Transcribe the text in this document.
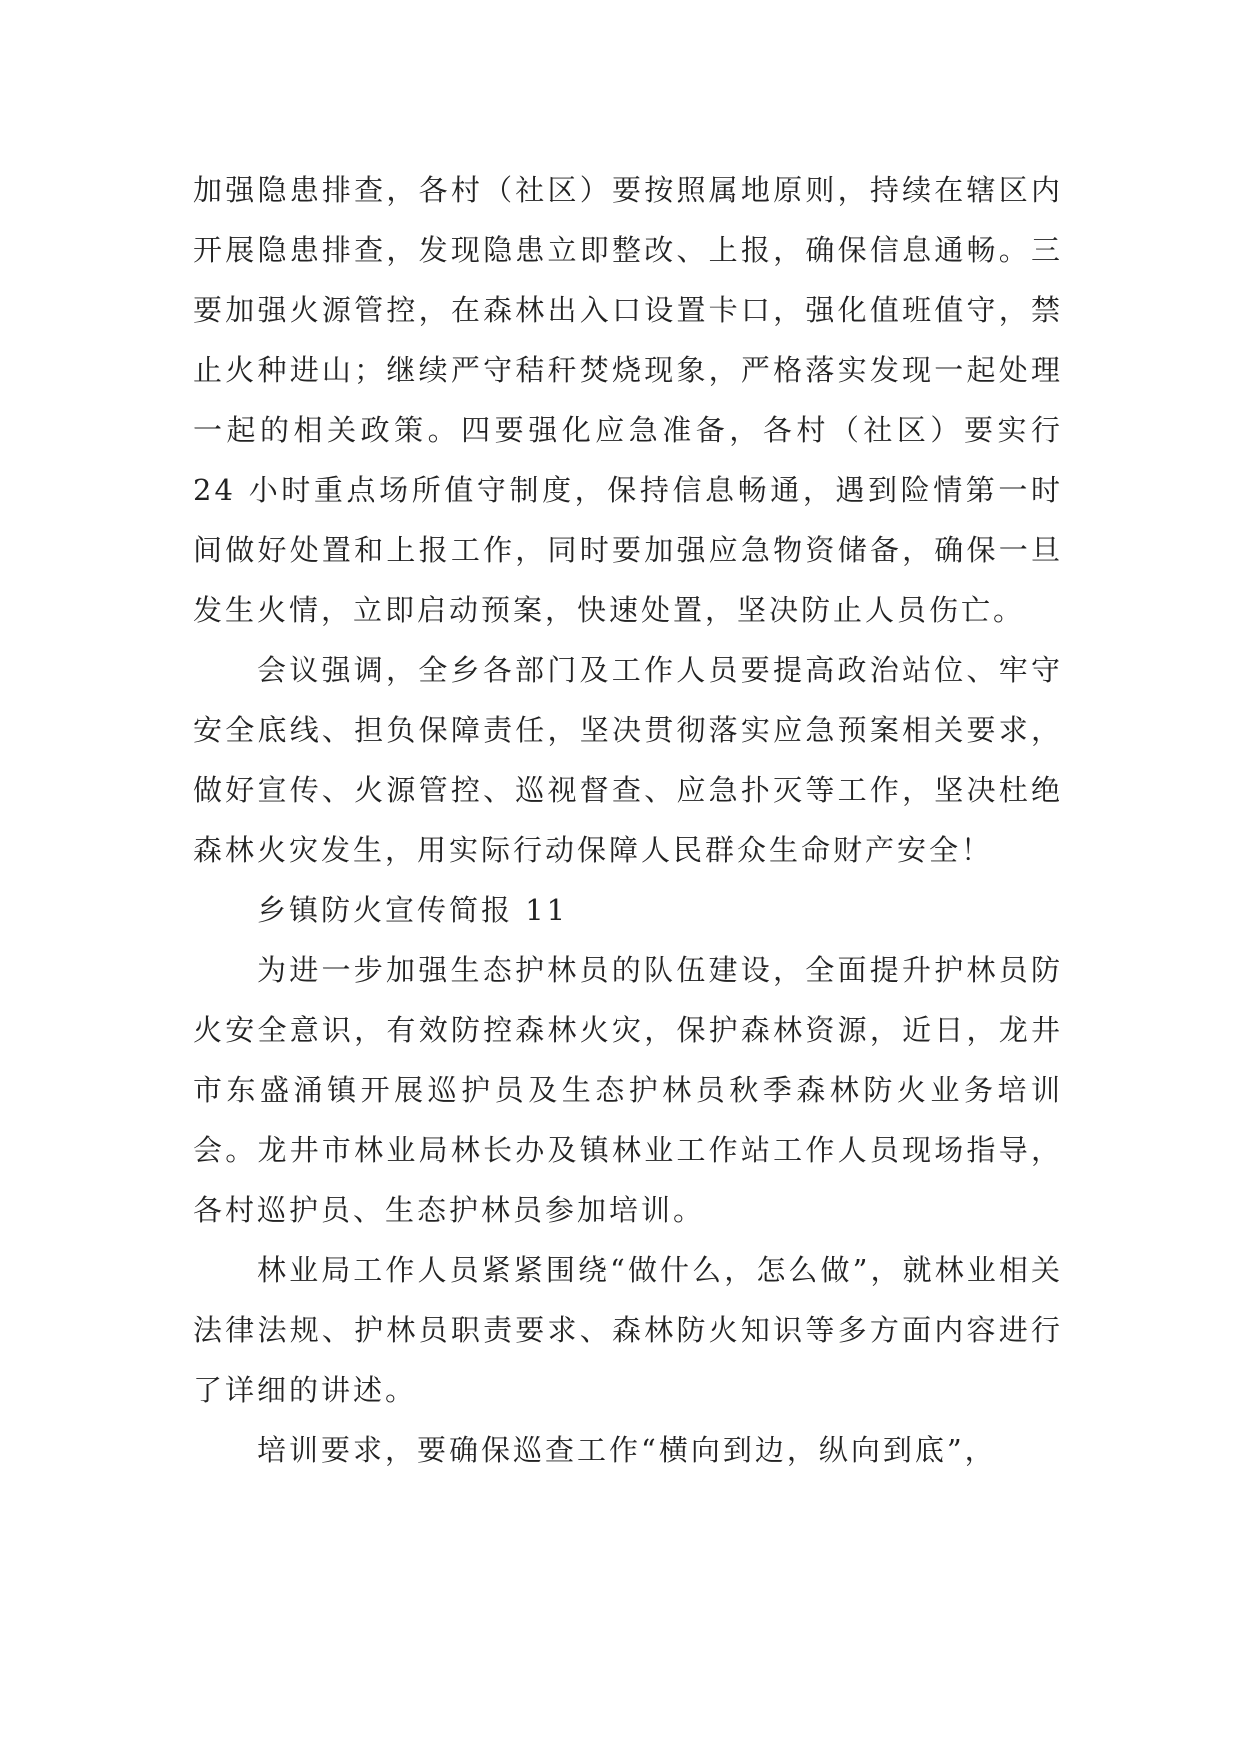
加强隐患排查，各村（社区）要按照属地原则，持续在辖区内开展隐患排查，发现隐患立即整改、上报，确保信息通畅。三要加强火源管控，在森林出入口设置卡口，强化值班值守，禁止火种进山；继续严守秸秆焚烧现象，严格落实发现一起处理一起的相关政策。四要强化应急准备，各村（社区）要实行 24 小时重点场所值守制度，保持信息畅通，遇到险情第一时间做好处置和上报工作，同时要加强应急物资储备，确保一旦发生火情，立即启动预案，快速处置，坚决防止人员伤亡。

会议强调，全乡各部门及工作人员要提高政治站位、牢守安全底线、担负保障责任，坚决贯彻落实应急预案相关要求，做好宣传、火源管控、巡视督查、应急扑灭等工作，坚决杜绝森林火灾发生，用实际行动保障人民群众生命财产安全！

乡镇防火宣传简报 11

为进一步加强生态护林员的队伍建设，全面提升护林员防火安全意识，有效防控森林火灾，保护森林资源，近日，龙井市东盛涌镇开展巡护员及生态护林员秋季森林防火业务培训会。龙井市林业局林长办及镇林业工作站工作人员现场指导，各村巡护员、生态护林员参加培训。

林业局工作人员紧紧围绕“做什么，怎么做”，就林业相关法律法规、护林员职责要求、森林防火知识等多方面内容进行了详细的讲述。

培训要求，要确保巡查工作“横向到边，纵向到底”，
